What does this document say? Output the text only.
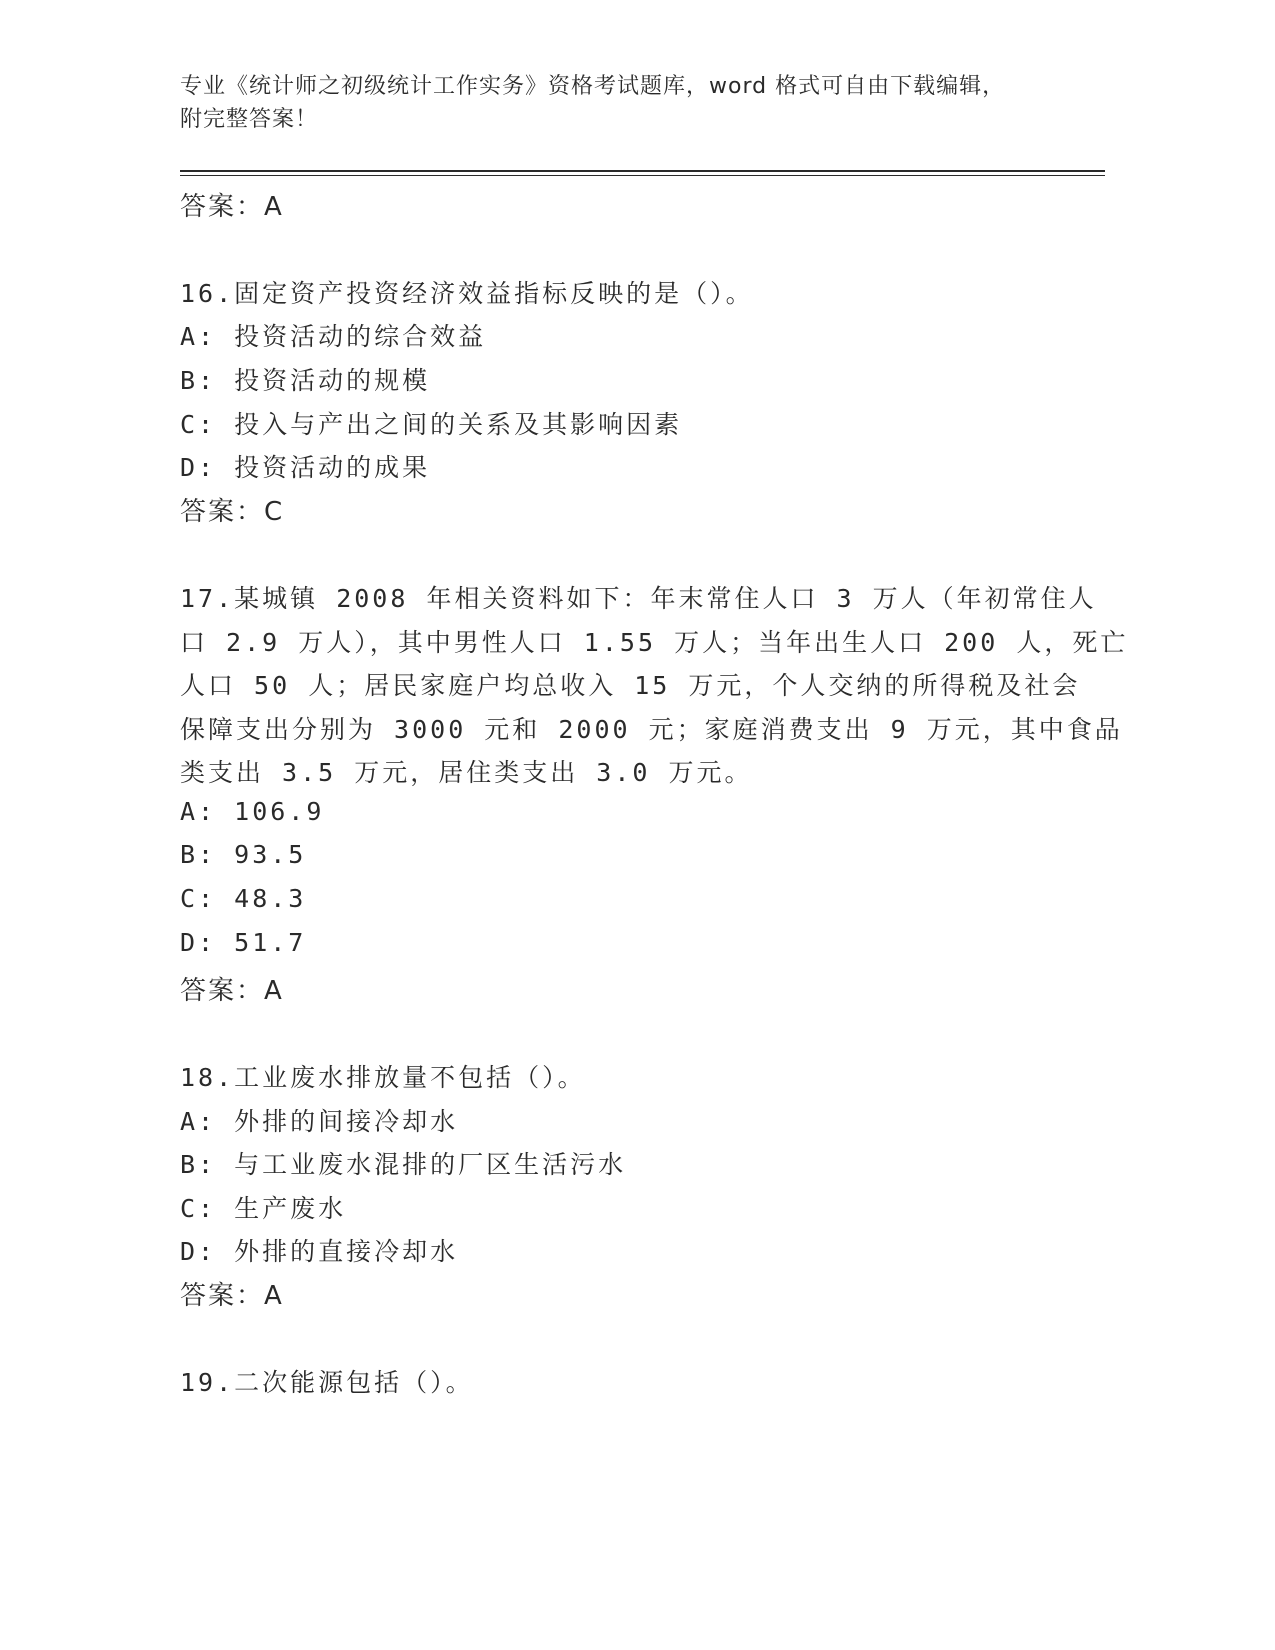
专业《统计师之初级统计工作实务》资格考试题库，word 格式可自由下载编辑，
附完整答案！
答案：A
16.固定资产投资经济效益指标反映的是（）。
A: 投资活动的综合效益
B: 投资活动的规模
C: 投入与产出之间的关系及其影响因素
D: 投资活动的成果
答案：C
17.某城镇 2008 年相关资料如下：年末常住人口 3 万人（年初常住人
口 2.9 万人），其中男性人口 1.55 万人；当年出生人口 200 人，死亡
人口 50 人；居民家庭户均总收入 15 万元，个人交纳的所得税及社会
保障支出分别为 3000 元和 2000 元；家庭消费支出 9 万元，其中食品
类支出 3.5 万元，居住类支出 3.0 万元。
A: 106.9
B: 93.5
C: 48.3
D: 51.7
答案：A
18.工业废水排放量不包括（）。
A: 外排的间接冷却水
B: 与工业废水混排的厂区生活污水
C: 生产废水
D: 外排的直接冷却水
答案：A
19.二次能源包括（）。
